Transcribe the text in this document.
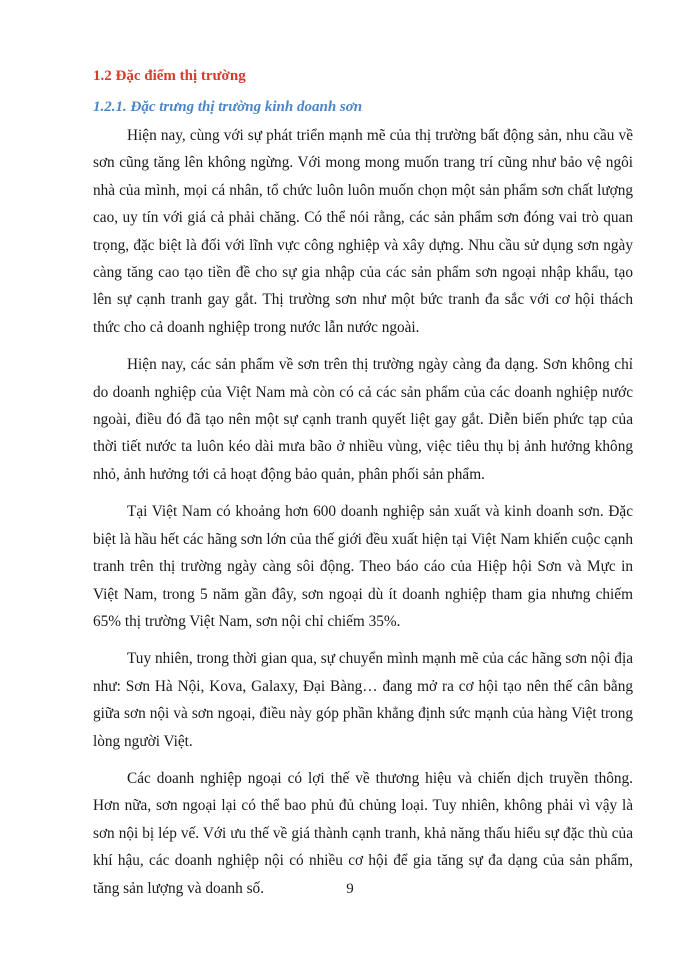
1.2 Đặc điểm thị trường
1.2.1. Đặc trưng thị trường kinh doanh sơn

Hiện nay, cùng với sự phát triển mạnh mẽ của thị trường bất động sản, nhu cầu về sơn cũng tăng lên không ngừng. Với mong mong muốn trang trí cũng như bảo vệ ngôi nhà của mình, mọi cá nhân, tổ chức luôn luôn muốn chọn một sản phẩm sơn chất lượng cao, uy tín với giá cả phải chăng. Có thể nói rằng, các sản phẩm sơn đóng vai trò quan trọng, đặc biệt là đối với lĩnh vực công nghiệp và xây dựng. Nhu cầu sử dụng sơn ngày càng tăng cao tạo tiền đề cho sự gia nhập của các sản phẩm sơn ngoại nhập khẩu, tạo lên sự cạnh tranh gay gắt. Thị trường sơn như một bức tranh đa sắc với cơ hội thách thức cho cả doanh nghiệp trong nước lẫn nước ngoài.

Hiện nay, các sản phẩm về sơn trên thị trường ngày càng đa dạng. Sơn không chỉ do doanh nghiệp của Việt Nam mà còn có cả các sản phẩm của các doanh nghiệp nước ngoài, điều đó đã tạo nên một sự cạnh tranh quyết liệt gay gắt. Diễn biến phức tạp của thời tiết nước ta luôn kéo dài mưa bão ở nhiều vùng, việc tiêu thụ bị ảnh hưởng không nhỏ, ảnh hưởng tới cả hoạt động bảo quản, phân phối sản phẩm.

Tại Việt Nam có khoảng hơn 600 doanh nghiệp sản xuất và kinh doanh sơn. Đặc biệt là hầu hết các hãng sơn lớn của thế giới đều xuất hiện tại Việt Nam khiến cuộc cạnh tranh trên thị trường ngày càng sôi động. Theo báo cáo của Hiệp hội Sơn và Mực in Việt Nam, trong 5 năm gần đây, sơn ngoại dù ít doanh nghiệp tham gia nhưng chiếm 65% thị trường Việt Nam, sơn nội chỉ chiếm 35%.

Tuy nhiên, trong thời gian qua, sự chuyển mình mạnh mẽ của các hãng sơn nội địa như: Sơn Hà Nội, Kova, Galaxy, Đại Bàng… đang mở ra cơ hội tạo nên thế cân bằng giữa sơn nội và sơn ngoại, điều này góp phần khẳng định sức mạnh của hàng Việt trong lòng người Việt.

Các doanh nghiệp ngoại có lợi thế về thương hiệu và chiến dịch truyền thông. Hơn nữa, sơn ngoại lại có thể bao phủ đủ chủng loại. Tuy nhiên, không phải vì vậy là sơn nội bị lép vế. Với ưu thế về giá thành cạnh tranh, khả năng thấu hiểu sự đặc thù của khí hậu, các doanh nghiệp nội có nhiều cơ hội để gia tăng sự đa dạng của sản phẩm, tăng sản lượng và doanh số.	9
